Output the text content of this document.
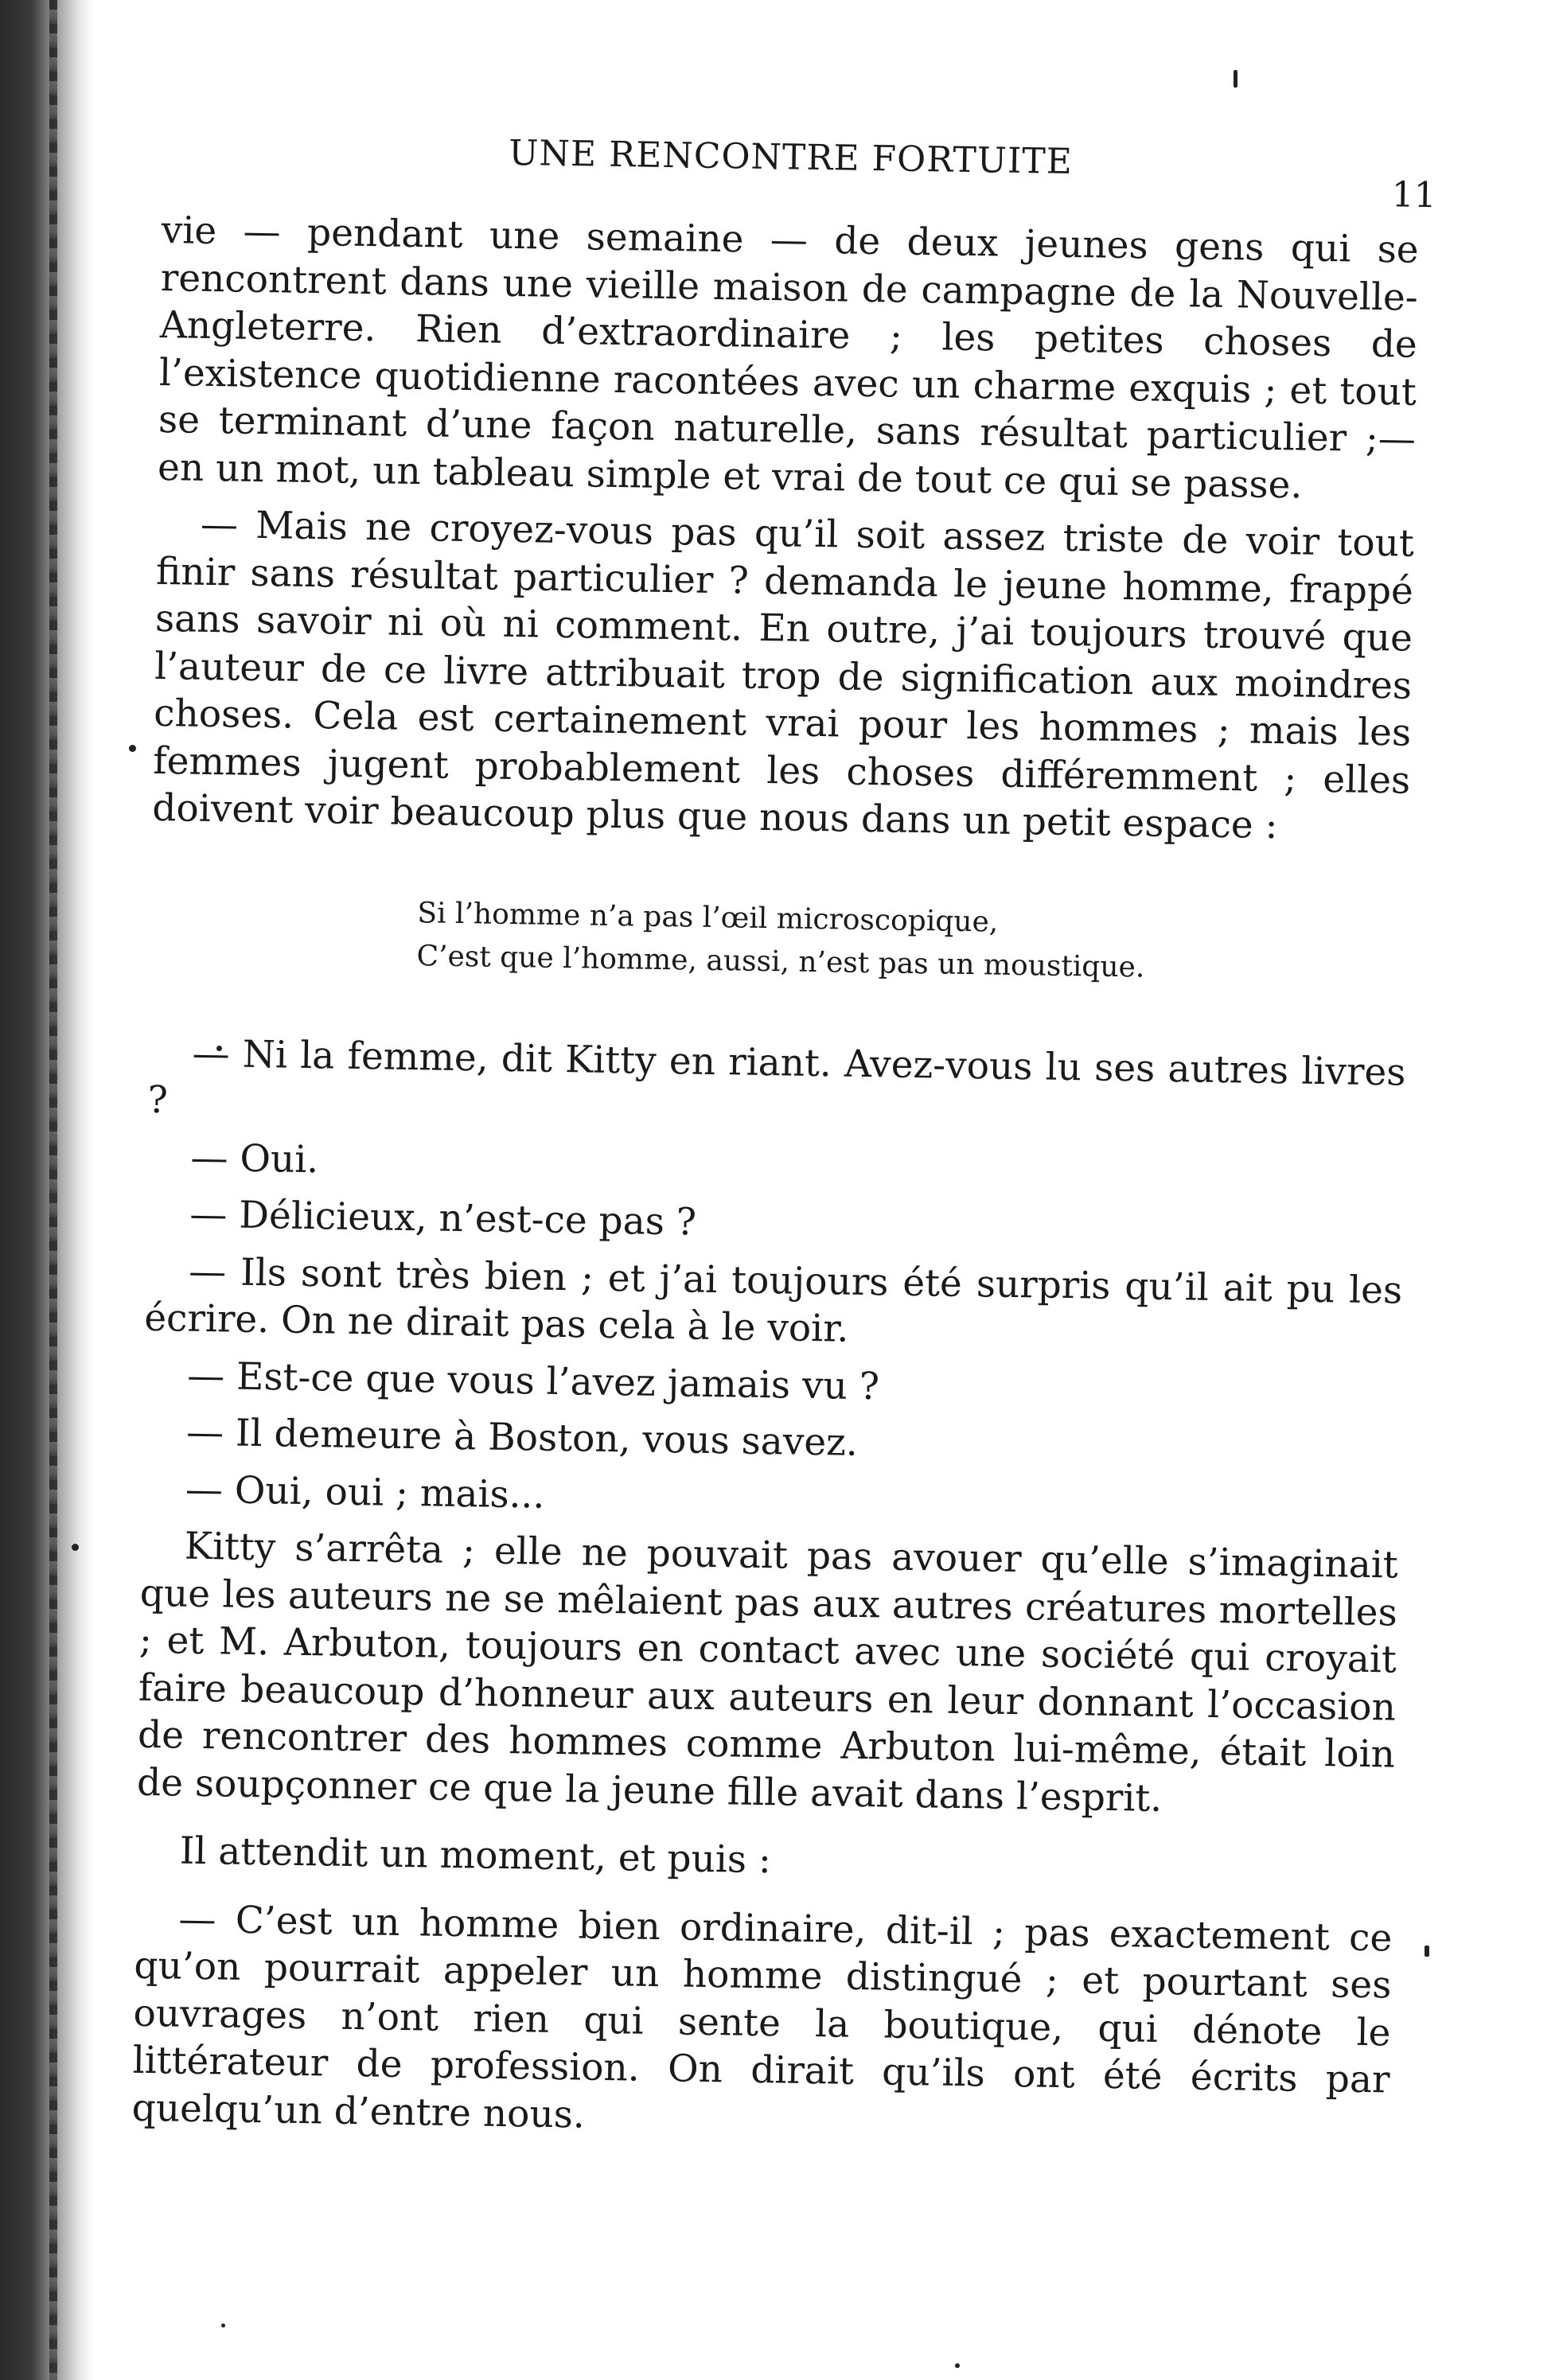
UNE RENCONTRE FORTUITE
11

vie — pendant une semaine — de deux jeunes gens qui se rencontrent dans une vieille maison de campagne de la Nouvelle-Angleterre. Rien d’extraordinaire ; les petites choses de l’existence quotidienne racontées avec un charme exquis ; et tout se terminant d’une façon naturelle, sans résultat particulier ;— en un mot, un tableau simple et vrai de tout ce qui se passe.

— Mais ne croyez-vous pas qu’il soit assez triste de voir tout finir sans résultat particulier ? demanda le jeune homme, frappé sans savoir ni où ni comment. En outre, j’ai toujours trouvé que l’auteur de ce livre attribuait trop de signification aux moindres choses. Cela est certainement vrai pour les hommes ; mais les femmes jugent probablement les choses différemment ; elles doivent voir beaucoup plus que nous dans un petit espace :

Si l’homme n’a pas l’œil microscopique,
C’est que l’homme, aussi, n’est pas un moustique.

— Ni la femme, dit Kitty en riant. Avez-vous lu ses autres livres ?

— Oui.

— Délicieux, n’est-ce pas ?

— Ils sont très bien ; et j’ai toujours été surpris qu’il ait pu les écrire. On ne dirait pas cela à le voir.

— Est-ce que vous l’avez jamais vu ?

— Il demeure à Boston, vous savez.

— Oui, oui ; mais...

Kitty s’arrêta ; elle ne pouvait pas avouer qu’elle s’imaginait que les auteurs ne se mêlaient pas aux autres créatures mortelles ; et M. Arbuton, toujours en contact avec une société qui croyait faire beaucoup d’honneur aux auteurs en leur donnant l’occasion de rencontrer des hommes comme Arbuton lui-même, était loin de soupçonner ce que la jeune fille avait dans l’esprit.

Il attendit un moment, et puis :

— C’est un homme bien ordinaire, dit-il ; pas exactement ce qu’on pourrait appeler un homme distingué ; et pourtant ses ouvrages n’ont rien qui sente la boutique, qui dénote le littérateur de profession. On dirait qu’ils ont été écrits par quelqu’un d’entre nous.
